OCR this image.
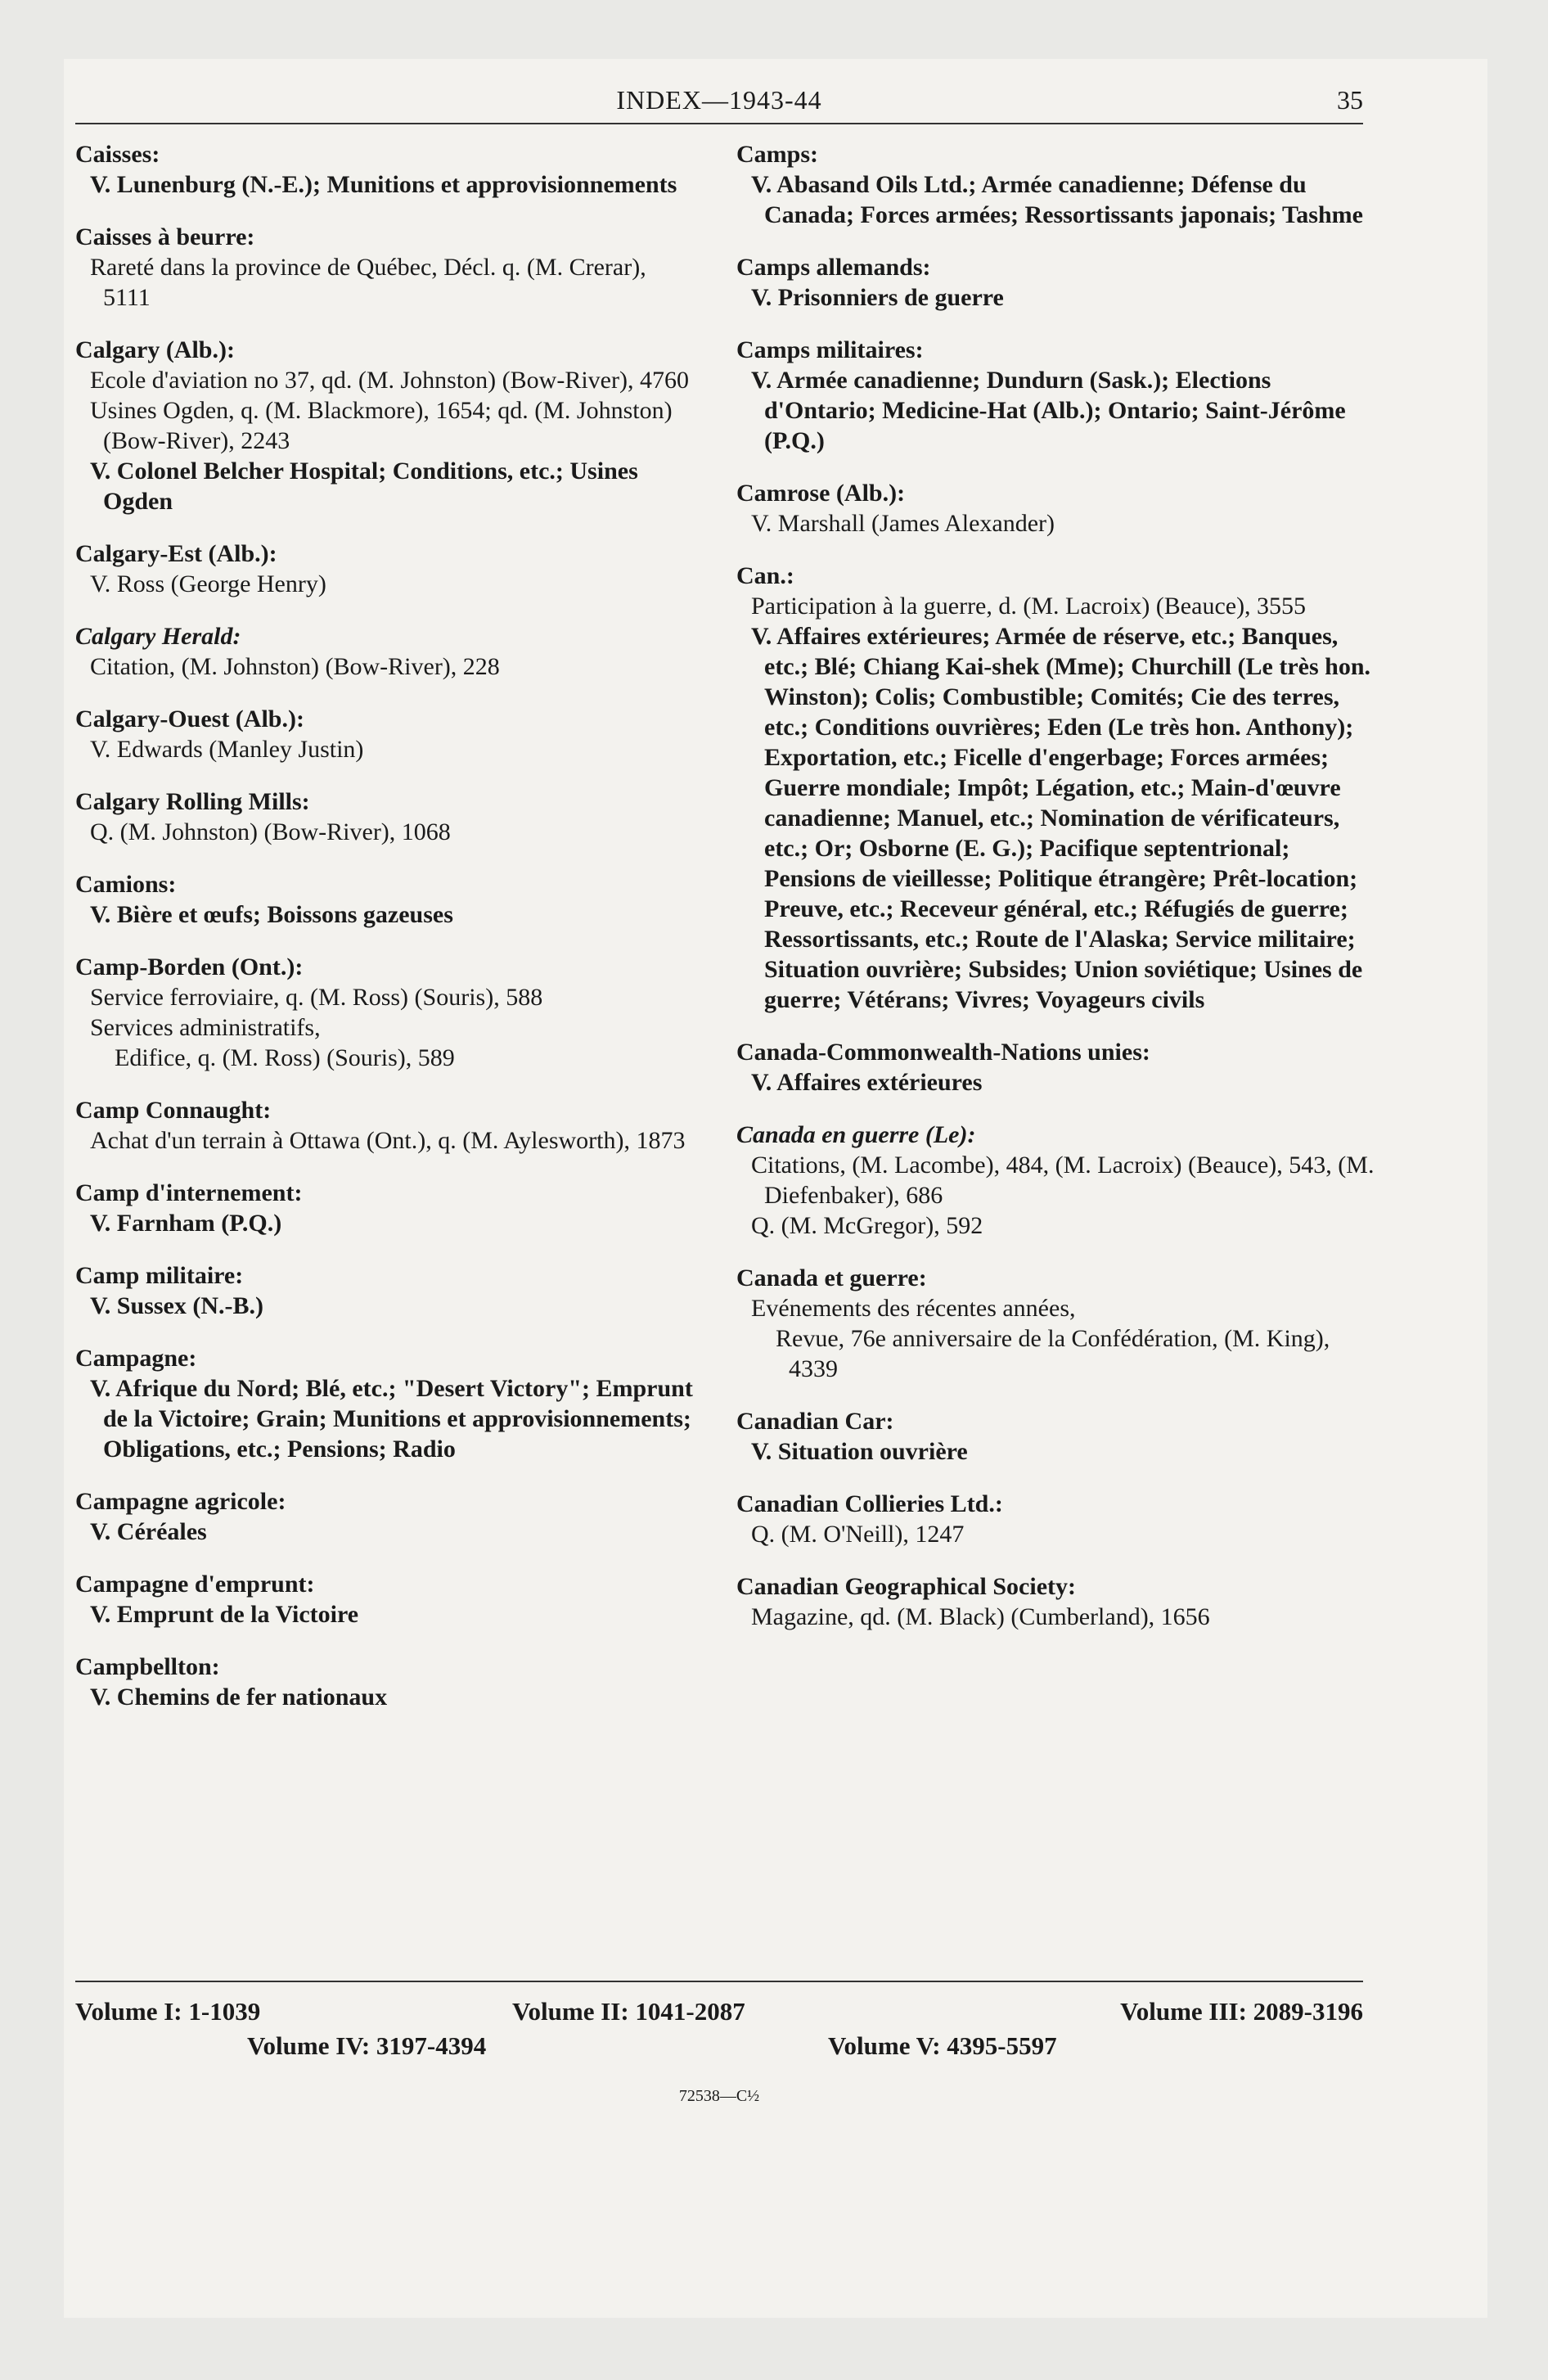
INDEX—1943-44	35
Caisses:

V. Lunenburg (N.-E.); Munitions et approvisionnements

Caisses à beurre:

Rareté dans la province de Québec, Décl. q. (M. Crerar), 5111

Calgary (Alb.):

Ecole d'aviation no 37, qd. (M. Johnston) (Bow-River), 4760

Usines Ogden, q. (M. Blackmore), 1654; qd. (M. Johnston) (Bow-River), 2243

V. Colonel Belcher Hospital; Conditions, etc.; Usines Ogden

Calgary-Est (Alb.):

V. Ross (George Henry)

Calgary Herald:

Citation, (M. Johnston) (Bow-River), 228

Calgary-Ouest (Alb.):

V. Edwards (Manley Justin)

Calgary Rolling Mills:

Q. (M. Johnston) (Bow-River), 1068

Camions:

V. Bière et œufs; Boissons gazeuses

Camp-Borden (Ont.):

Service ferroviaire, q. (M. Ross) (Souris), 588

Services administratifs,

Edifice, q. (M. Ross) (Souris), 589

Camp Connaught:

Achat d'un terrain à Ottawa (Ont.), q. (M. Aylesworth), 1873

Camp d'internement:

V. Farnham (P.Q.)

Camp militaire:

V. Sussex (N.-B.)

Campagne:

V. Afrique du Nord; Blé, etc.; "Desert Victory"; Emprunt de la Victoire; Grain; Munitions et approvisionnements; Obligations, etc.; Pensions; Radio

Campagne agricole:

V. Céréales

Campagne d'emprunt:

V. Emprunt de la Victoire

Campbellton:

V. Chemins de fer nationaux

Camps:

V. Abasand Oils Ltd.; Armée canadienne; Défense du Canada; Forces armées; Ressortissants japonais; Tashme

Camps allemands:

V. Prisonniers de guerre

Camps militaires:

V. Armée canadienne; Dundurn (Sask.); Elections d'Ontario; Medicine-Hat (Alb.); Ontario; Saint-Jérôme (P.Q.)

Camrose (Alb.):

V. Marshall (James Alexander)

Can.:

Participation à la guerre, d. (M. Lacroix) (Beauce), 3555

V. Affaires extérieures; Armée de réserve, etc.; Banques, etc.; Blé; Chiang Kai-shek (Mme); Churchill (Le très hon. Winston); Colis; Combustible; Comités; Cie des terres, etc.; Conditions ouvrières; Eden (Le très hon. Anthony); Exportation, etc.; Ficelle d'engerbage; Forces armées; Guerre mondiale; Impôt; Légation, etc.; Main-d'œuvre canadienne; Manuel, etc.; Nomination de vérificateurs, etc.; Or; Osborne (E. G.); Pacifique septentrional; Pensions de vieillesse; Politique étrangère; Prêt-location; Preuve, etc.; Receveur général, etc.; Réfugiés de guerre; Ressortissants, etc.; Route de l'Alaska; Service militaire; Situation ouvrière; Subsides; Union soviétique; Usines de guerre; Vétérans; Vivres; Voyageurs civils

Canada-Commonwealth-Nations unies:

V. Affaires extérieures

Canada en guerre (Le):

Citations, (M. Lacombe), 484, (M. Lacroix) (Beauce), 543, (M. Diefenbaker), 686

Q. (M. McGregor), 592

Canada et guerre:

Evénements des récentes années,

Revue, 76e anniversaire de la Confédération, (M. King), 4339

Canadian Car:

V. Situation ouvrière

Canadian Collieries Ltd.:

Q. (M. O'Neill), 1247

Canadian Geographical Society:

Magazine, qd. (M. Black) (Cumberland), 1656

Volume I: 1-1039	Volume II: 1041-2087	Volume III: 2089-3196
Volume IV: 3197-4394	Volume V: 4395-5597
72538—C½
